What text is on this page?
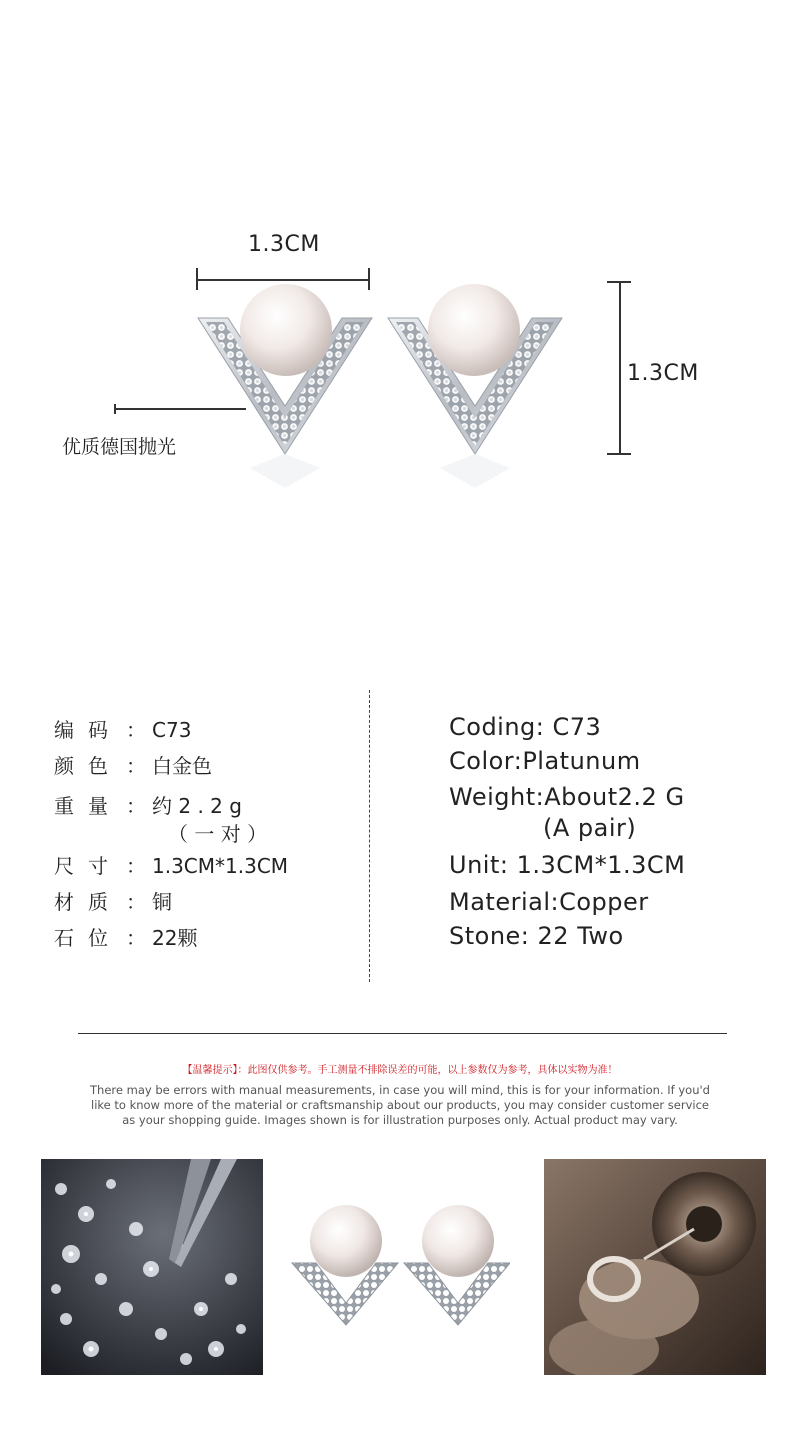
1.3CM
1.3CM
优质德国抛光
编码 ： C73
颜色 ： 白金色
重量 ： 约 2 . 2 g
（ 一 对 ）
尺寸 ： 1.3CM*1.3CM
材质 ： 铜
石位 ： 22颗
Coding: C73
Color:Platunum
Weight:About2.2 G
(A pair)
Unit: 1.3CM*1.3CM
Material:Copper
Stone: 22 Two
【温馨提示】：此图仅供参考。手工测量不排除误差的可能，以上参数仅为参考，具体以实物为准！
There may be errors with manual measurements, in case you will mind, this is for your information. If you'd
like to know more of the material or craftsmanship about our products, you may consider customer service
as your shopping guide. Images shown is for illustration purposes only. Actual product may vary.
